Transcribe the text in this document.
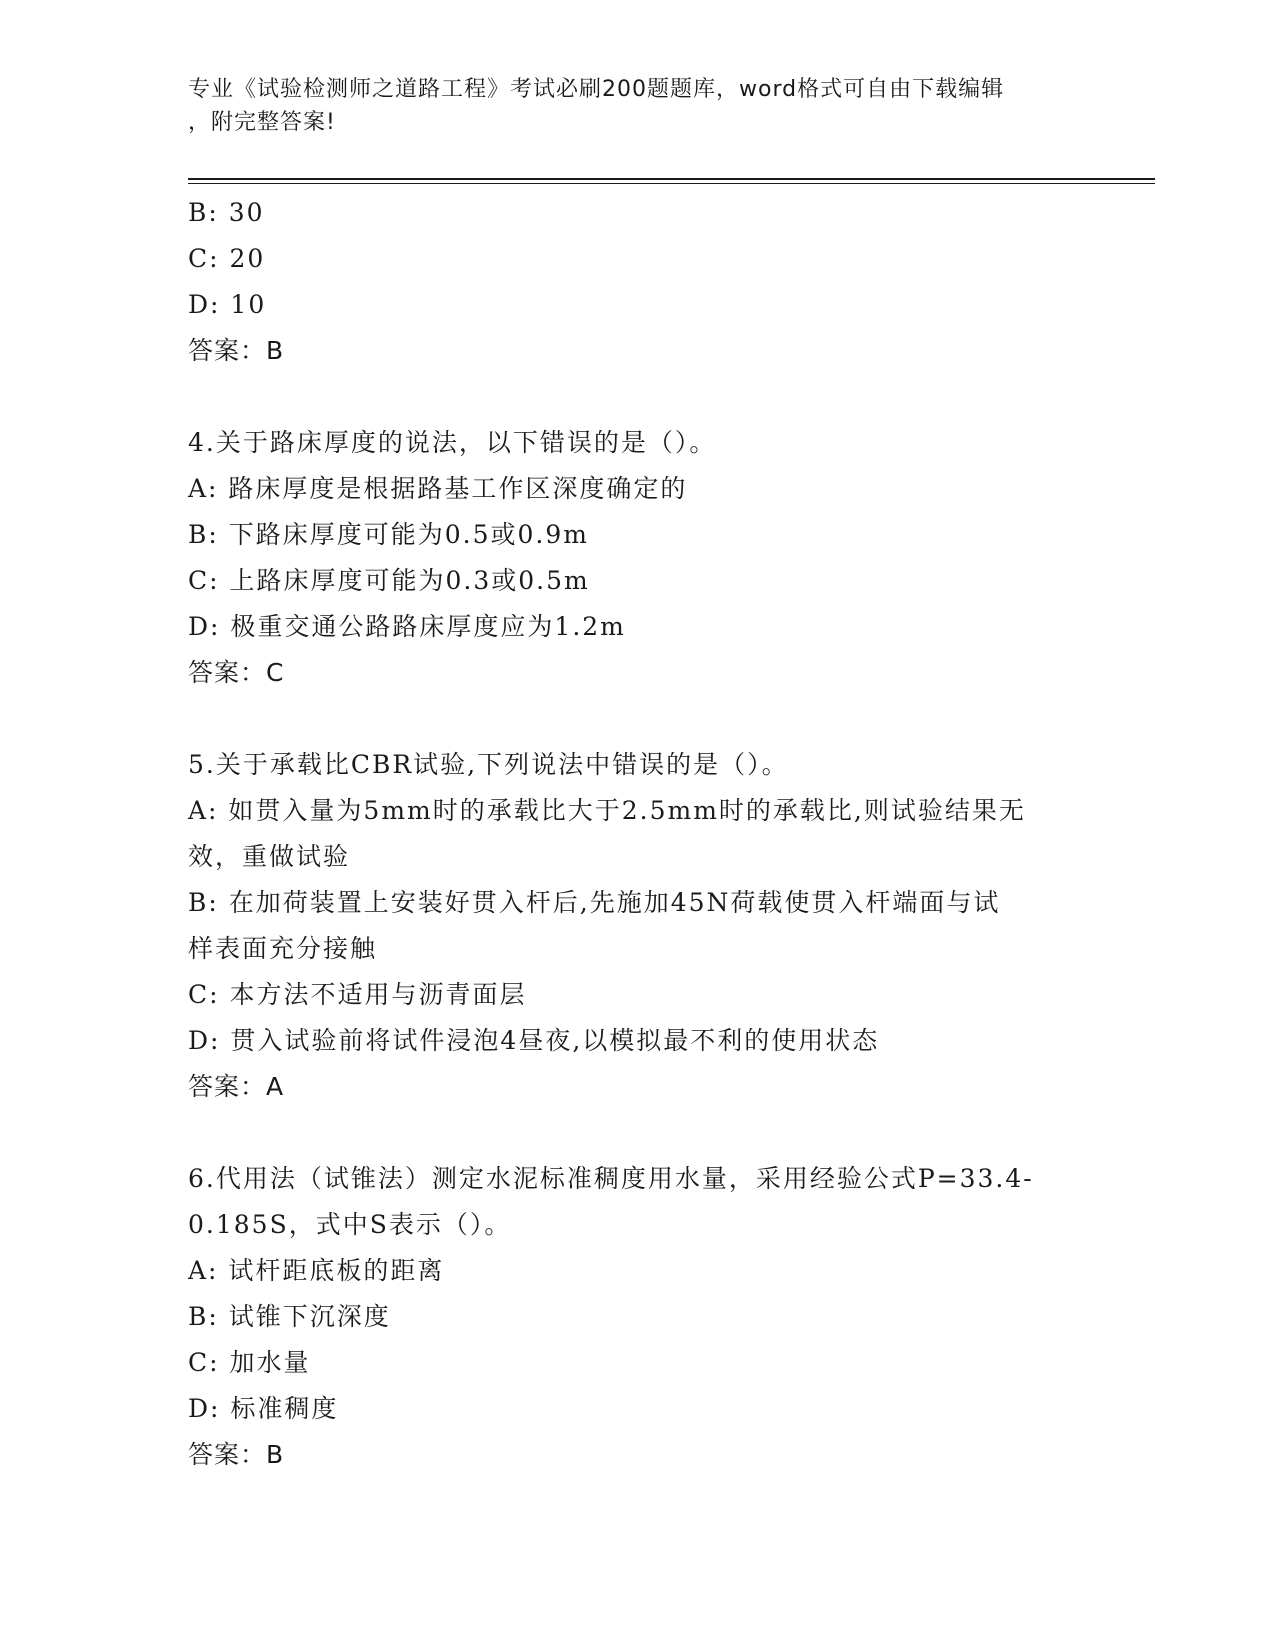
专业《试验检测师之道路工程》考试必刷200题题库，word格式可自由下载编辑
，附完整答案!
B: 30
C: 20
D: 10
答案：B
4.关于路床厚度的说法，以下错误的是（）。
A: 路床厚度是根据路基工作区深度确定的
B: 下路床厚度可能为0.5或0.9m
C: 上路床厚度可能为0.3或0.5m
D: 极重交通公路路床厚度应为1.2m
答案：C
5.关于承载比CBR试验,下列说法中错误的是（）。
A: 如贯入量为5mm时的承载比大于2.5mm时的承载比,则试验结果无
效，重做试验
B: 在加荷装置上安装好贯入杆后,先施加45N荷载使贯入杆端面与试
样表面充分接触
C: 本方法不适用与沥青面层
D: 贯入试验前将试件浸泡4昼夜,以模拟最不利的使用状态
答案：A
6.代用法（试锥法）测定水泥标准稠度用水量，采用经验公式P=33.4-
0.185S，式中S表示（）。
A: 试杆距底板的距离
B: 试锥下沉深度
C: 加水量
D: 标准稠度
答案：B
